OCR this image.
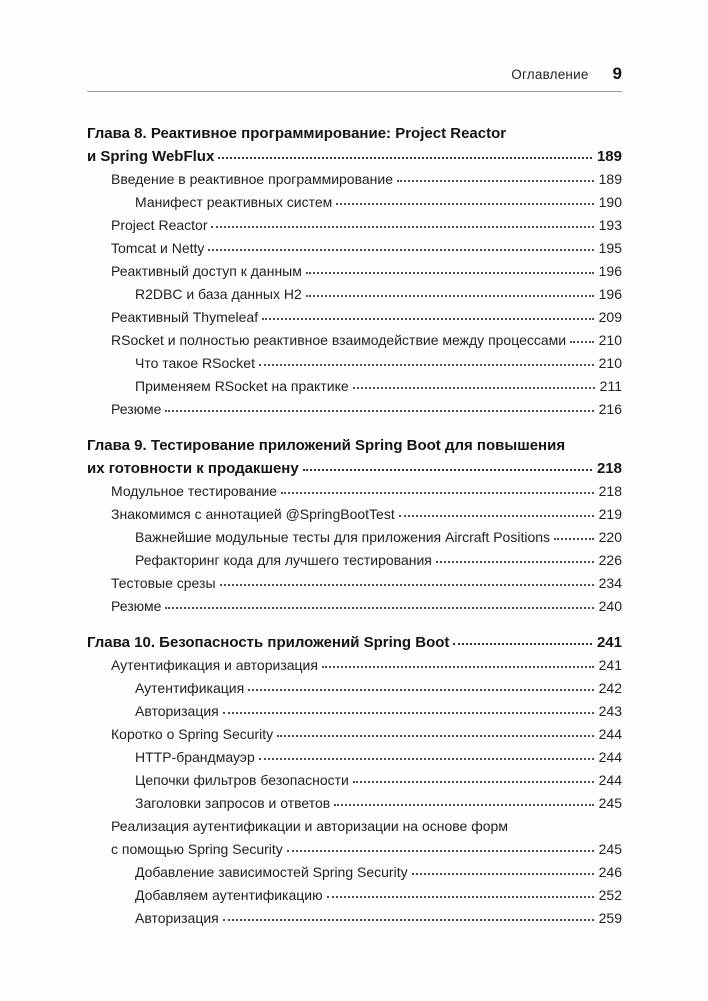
Оглавление 9
Глава 8. Реактивное программирование: Project Reactor
и Spring WebFlux	189
Введение в реактивное программирование	189
Манифест реактивных систем	190
Project Reactor	193
Tomcat и Netty	195
Реактивный доступ к данным	196
R2DBC и база данных H2	196
Реактивный Thymeleaf	209
RSocket и полностью реактивное взаимодействие между процессами 210
Что такое RSocket	210
Применяем RSocket на практике	211
Резюме	216
Глава 9. Тестирование приложений Spring Boot для повышения
их готовности к продакшену	218
Модульное тестирование	218
Знакомимся с аннотацией @SpringBootTest	219
Важнейшие модульные тесты для приложения Aircraft Positions	220
Рефакторинг кода для лучшего тестирования	226
Тестовые срезы	234
Резюме	240
Глава 10. Безопасность приложений Spring Boot	241
Аутентификация и авторизация	241
Аутентификация	242
Авторизация	243
Коротко о Spring Security	244
HTTP-брандмауэр	244
Цепочки фильтров безопасности	244
Заголовки запросов и ответов	245
Реализация аутентификации и авторизации на основе форм
с помощью Spring Security	245
Добавление зависимостей Spring Security	246
Добавляем аутентификацию	252
Авторизация	259
